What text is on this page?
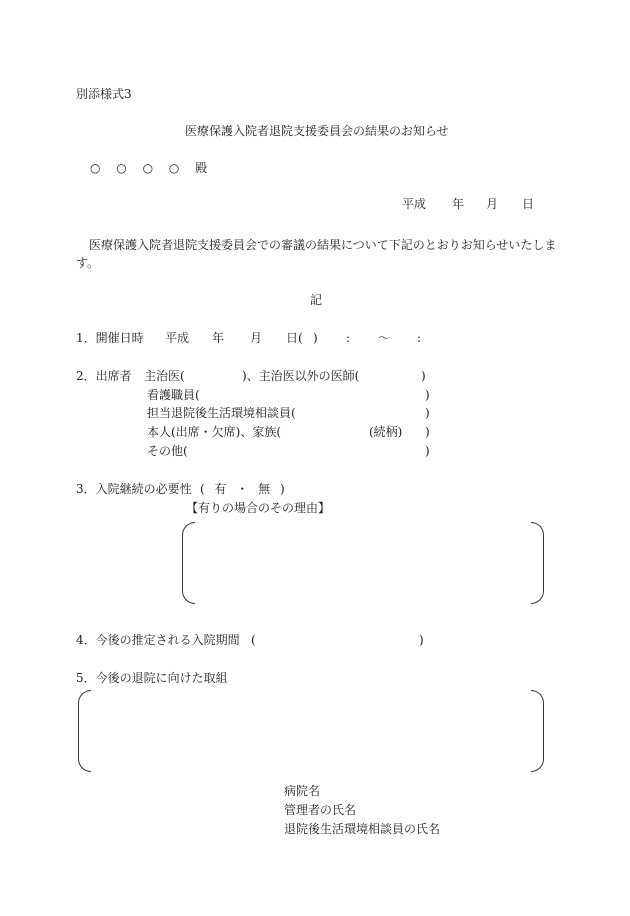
別添様式3
医療保護入院者退院支援委員会の結果のお知らせ
○ ○ ○ ○ 殿
平成 年 月 日
医療保護入院者退院支援委員会での審議の結果について下記のとおりお知らせいたしま
す。
記
1．開催日時 平成 年 月 日( ) : 〜 :
2．出席者 主治医(	)、主治医以外の医師(	)
看護職員(	)
担当退院後生活環境相談員(	)
本人(出席・欠席)、家族(	(続柄) )
その他(	)
3．入院継続の必要性 ( 有 ・ 無 )
【有りの場合のその理由】
4．今後の推定される入院期間 (	)
5．今後の退院に向けた取組
病院名
管理者の氏名
退院後生活環境相談員の氏名
